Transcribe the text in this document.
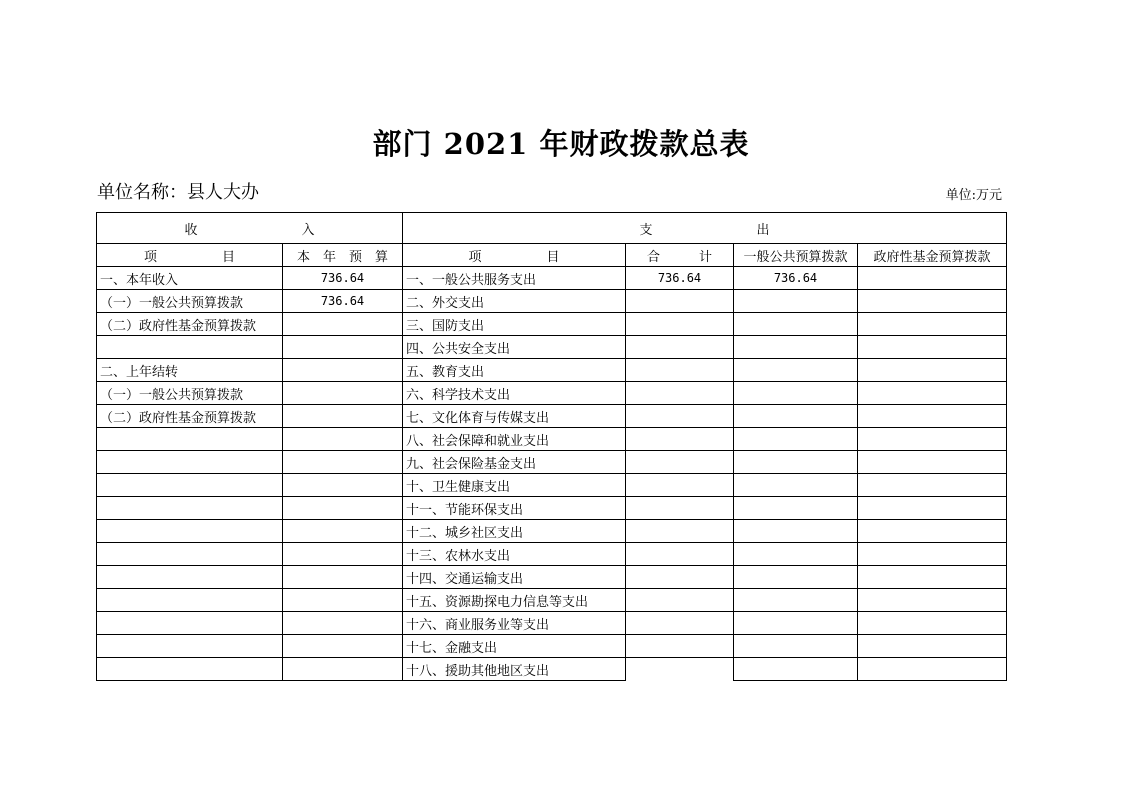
部门 2021 年财政拨款总表
单位名称：县人大办	单位:万元
收　　　　　　　　入		支　　　　　　　　出			
项　　　　　目	本　年　预　算	项　　　　　目	合　　　计	一般公共预算拨款	政府性基金预算拨款
一、本年收入	736.64	一、一般公共服务支出	736.64	736.64	
（一）一般公共预算拨款	736.64	二、外交支出			
（二）政府性基金预算拨款		三、国防支出			
		四、公共安全支出			
二、上年结转		五、教育支出			
（一）一般公共预算拨款		六、科学技术支出			
（二）政府性基金预算拨款		七、文化体育与传媒支出			
		八、社会保障和就业支出			
		九、社会保险基金支出			
		十、卫生健康支出			
		十一、节能环保支出			
		十二、城乡社区支出			
		十三、农林水支出			
		十四、交通运输支出			
		十五、资源勘探电力信息等支出			
		十六、商业服务业等支出			
		十七、金融支出			
		十八、援助其他地区支出			
